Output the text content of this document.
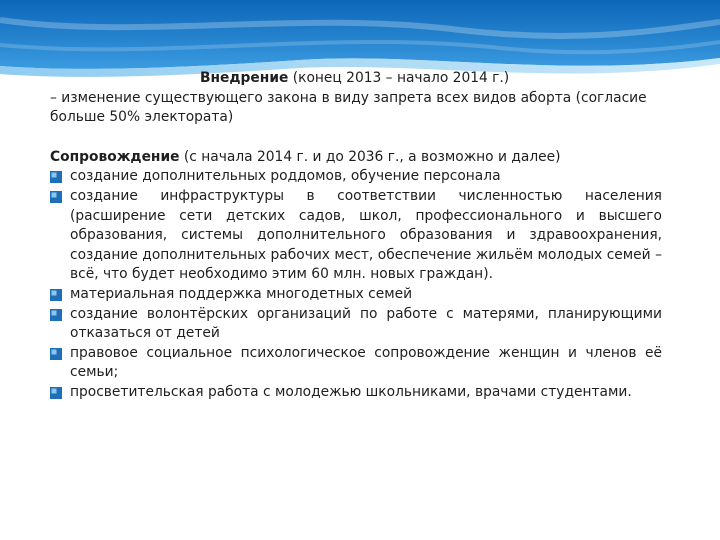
Внедрение (конец 2013 – начало 2014 г.)

– изменение существующего закона в виду запрета всех видов аборта (согласие больше 50% электората)

Сопровождение (с начала 2014 г. и до 2036 г., а возможно и далее)
создание дополнительных роддомов, обучение персонала
создание инфраструктуры в соответствии численностью населения (расширение сети детских садов, школ, профессионального и высшего образования, системы дополнительного образования и здравоохранения, создание дополнительных рабочих мест, обеспечение жильём молодых семей – всё, что будет необходимо этим 60 млн. новых граждан).
материальная поддержка многодетных семей
создание волонтёрских организаций по работе с матерями, планирующими отказаться от детей
правовое социальное психологическое сопровождение женщин и членов её семьи;
просветительская работа с молодежью школьниками, врачами студентами.
